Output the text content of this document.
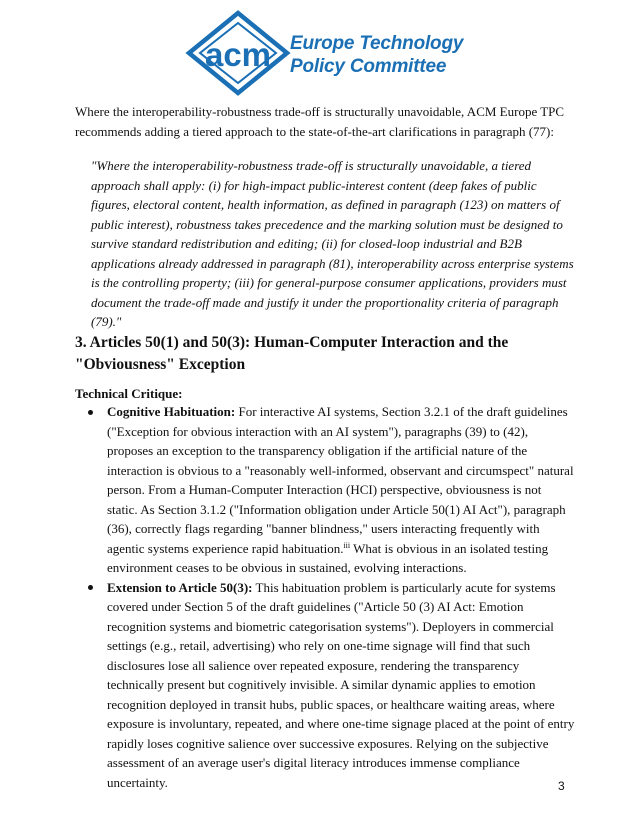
acm Europe Technology
Policy Committee
Where the interoperability-robustness trade-off is structurally unavoidable, ACM Europe TPC recommends adding a tiered approach to the state-of-the-art clarifications in paragraph (77):
"Where the interoperability-robustness trade-off is structurally unavoidable, a tiered approach shall apply: (i) for high-impact public-interest content (deep fakes of public figures, electoral content, health information, as defined in paragraph (123) on matters of public interest), robustness takes precedence and the marking solution must be designed to survive standard redistribution and editing; (ii) for closed-loop industrial and B2B applications already addressed in paragraph (81), interoperability across enterprise systems is the controlling property; (iii) for general-purpose consumer applications, providers must document the trade-off made and justify it under the proportionality criteria of paragraph (79)."
3. Articles 50(1) and 50(3): Human-Computer Interaction and the "Obviousness" Exception
Technical Critique:
Cognitive Habituation: For interactive AI systems, Section 3.2.1 of the draft guidelines ("Exception for obvious interaction with an AI system"), paragraphs (39) to (42), proposes an exception to the transparency obligation if the artificial nature of the interaction is obvious to a "reasonably well-informed, observant and circumspect" natural person. From a Human-Computer Interaction (HCI) perspective, obviousness is not static. As Section 3.1.2 ("Information obligation under Article 50(1) AI Act"), paragraph (36), correctly flags regarding "banner blindness," users interacting frequently with agentic systems experience rapid habituation.$^{iii}$ What is obvious in an isolated testing environment ceases to be obvious in sustained, evolving interactions.
Extension to Article 50(3): This habituation problem is particularly acute for systems covered under Section 5 of the draft guidelines ("Article 50 (3) AI Act: Emotion recognition systems and biometric categorisation systems"). Deployers in commercial settings (e.g., retail, advertising) who rely on one-time signage will find that such disclosures lose all salience over repeated exposure, rendering the transparency technically present but cognitively invisible. A similar dynamic applies to emotion recognition deployed in transit hubs, public spaces, or healthcare waiting areas, where exposure is involuntary, repeated, and where one-time signage placed at the point of entry rapidly loses cognitive salience over successive exposures. Relying on the subjective assessment of an average user's digital literacy introduces immense compliance uncertainty.	3
